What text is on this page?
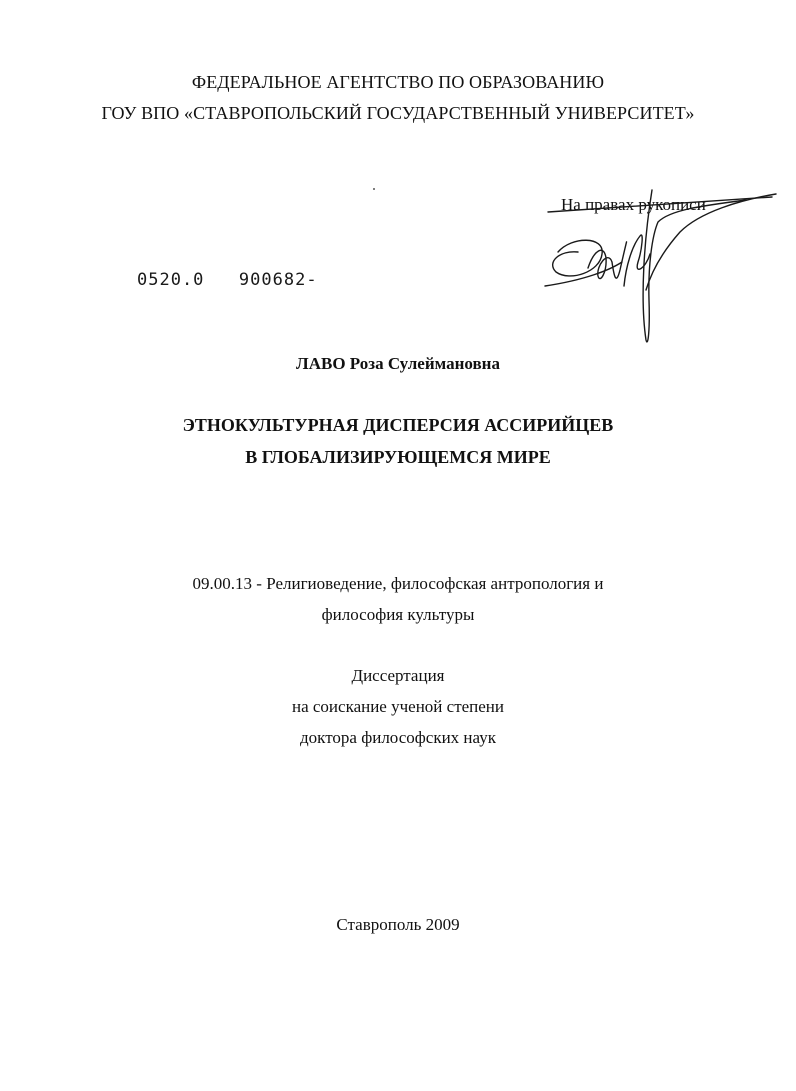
ФЕДЕРАЛЬНОЕ АГЕНТСТВО ПО ОБРАЗОВАНИЮ
ГОУ ВПО «СТАВРОПОЛЬСКИЙ ГОСУДАРСТВЕННЫЙ УНИВЕРСИТЕТ»
На правах рукописи
0520.0 900682-
ЛАВО Роза Сулеймановна
ЭТНОКУЛЬТУРНАЯ ДИСПЕРСИЯ АССИРИЙЦЕВ
В ГЛОБАЛИЗИРУЮЩЕМСЯ МИРЕ
09.00.13 - Религиоведение, философская антропология и
философия культуры
Диссертация
на соискание ученой степени
доктора философских наук
Ставрополь 2009
